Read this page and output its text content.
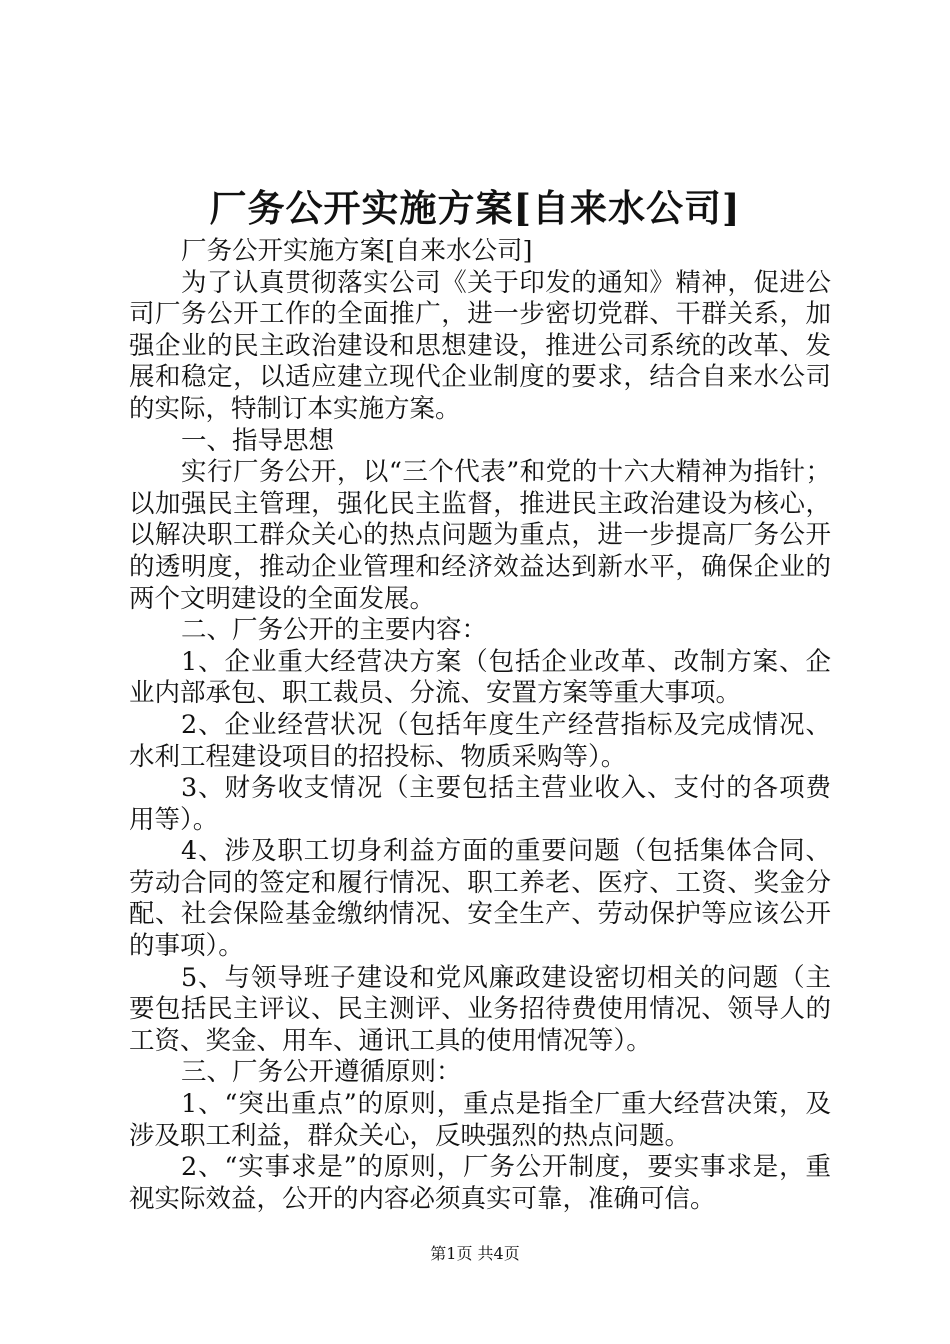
厂务公开实施方案[自来水公司]

厂务公开实施方案[自来水公司]

为了认真贯彻落实公司《关于印发的通知》精神，促进公司厂务公开工作的全面推广，进一步密切党群、干群关系，加强企业的民主政治建设和思想建设，推进公司系统的改革、发展和稳定，以适应建立现代企业制度的要求，结合自来水公司的实际，特制订本实施方案。

一、指导思想

实行厂务公开，以“三个代表”和党的十六大精神为指针；以加强民主管理，强化民主监督，推进民主政治建设为核心，以解决职工群众关心的热点问题为重点，进一步提高厂务公开的透明度，推动企业管理和经济效益达到新水平，确保企业的两个文明建设的全面发展。

二、厂务公开的主要内容：

1、企业重大经营决方案（包括企业改革、改制方案、企业内部承包、职工裁员、分流、安置方案等重大事项。

2、企业经营状况（包括年度生产经营指标及完成情况、水利工程建设项目的招投标、物质采购等）。

3、财务收支情况（主要包括主营业收入、支付的各项费用等）。

4、涉及职工切身利益方面的重要问题（包括集体合同、劳动合同的签定和履行情况、职工养老、医疗、工资、奖金分配、社会保险基金缴纳情况、安全生产、劳动保护等应该公开的事项）。

5、与领导班子建设和党风廉政建设密切相关的问题（主要包括民主评议、民主测评、业务招待费使用情况、领导人的工资、奖金、用车、通讯工具的使用情况等）。

三、厂务公开遵循原则：

1、“突出重点”的原则，重点是指全厂重大经营决策，及涉及职工利益，群众关心，反映强烈的热点问题。

2、“实事求是”的原则，厂务公开制度，要实事求是，重视实际效益，公开的内容必须真实可靠，准确可信。

第1页 共4页
